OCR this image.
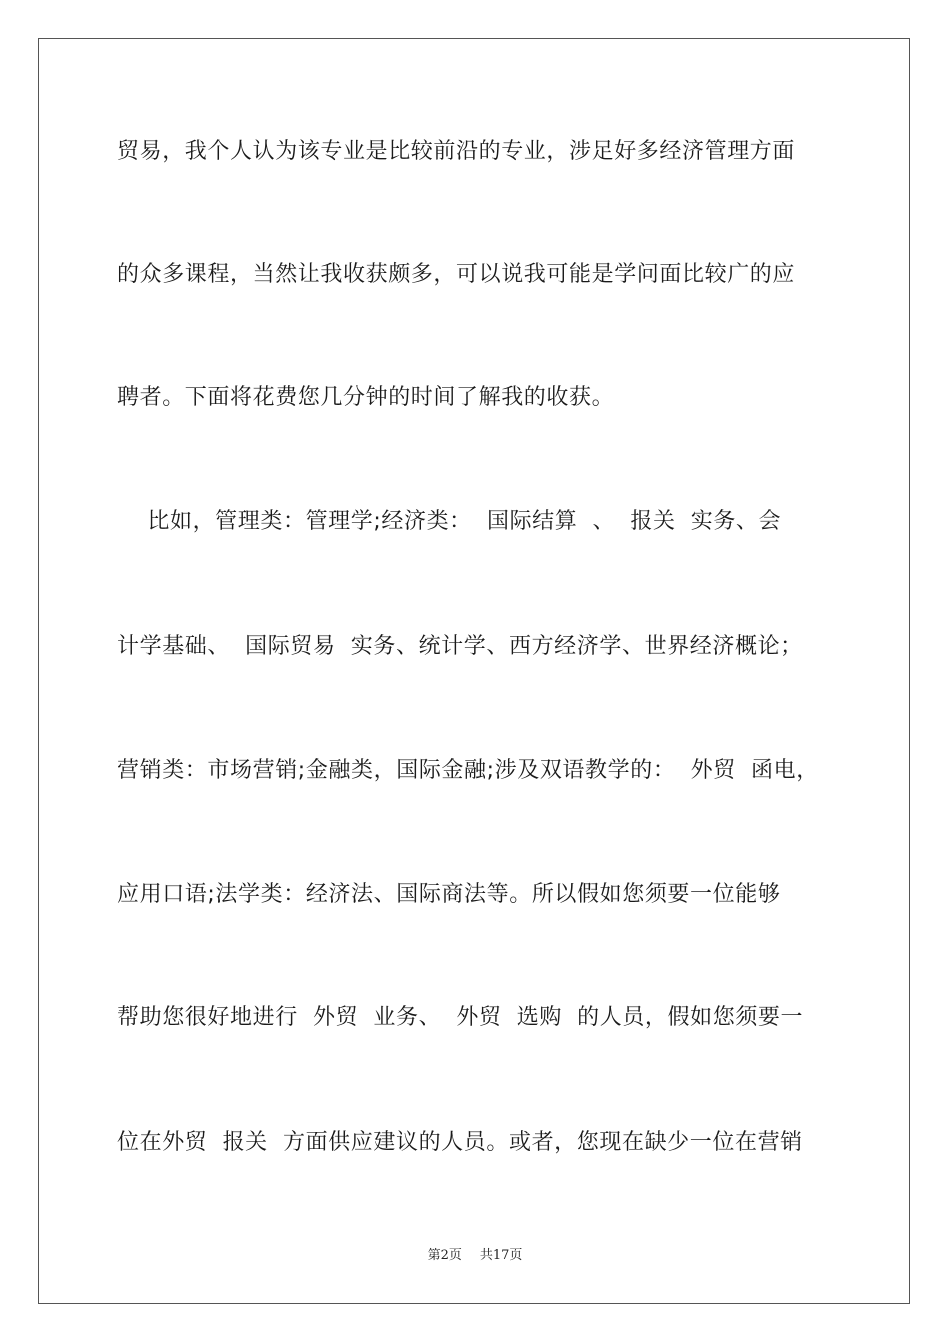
贸易，我个人认为该专业是比较前沿的专业，涉足好多经济管理方面
的众多课程，当然让我收获颇多，可以说我可能是学问面比较广的应
聘者。下面将花费您几分钟的时间了解我的收获。
比如，管理类：管理学;经济类：  国际结算  、  报关  实务、会
计学基础、  国际贸易  实务、统计学、西方经济学、世界经济概论；
营销类：市场营销;金融类，国际金融;涉及双语教学的：  外贸  函电，
应用口语;法学类：经济法、国际商法等。所以假如您须要一位能够
帮助您很好地进行  外贸  业务、  外贸  选购  的人员，假如您须要一
位在外贸  报关  方面供应建议的人员。或者，您现在缺少一位在营销
第2页 共17页
